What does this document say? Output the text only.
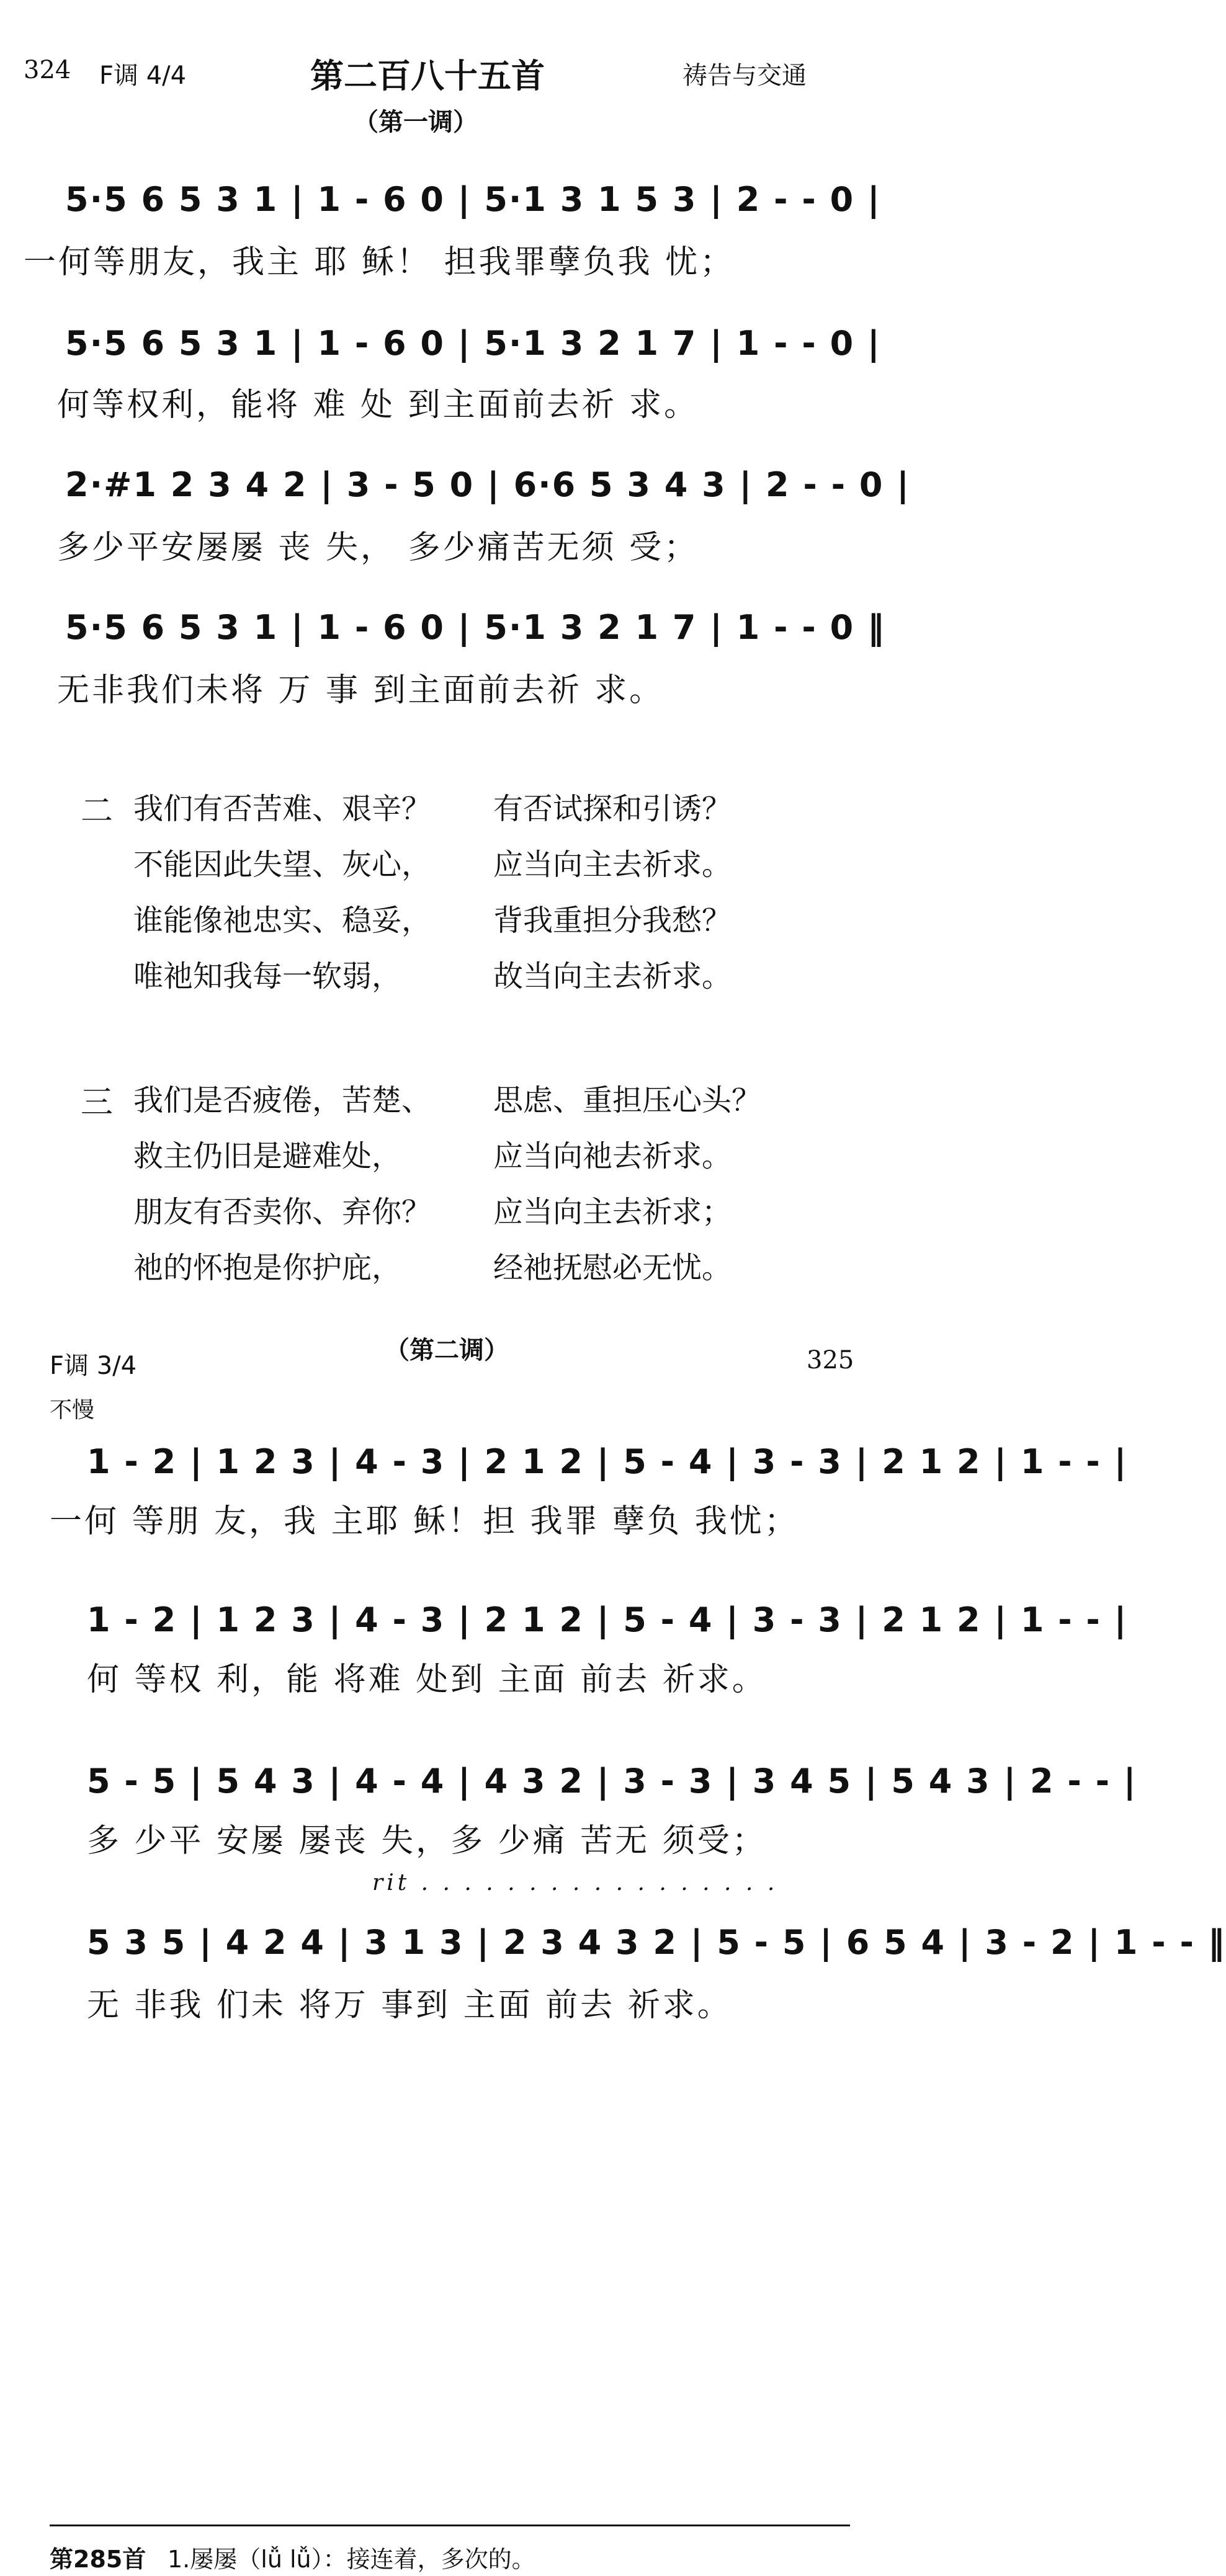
324 F调 4/4	第二百八十五首	祷告与交通
（第一调）
5·5 6 5 3 1 | 1 - 6 0 | 5·1 3 1 5 3 | 2 - - 0 |
一何等朋友，我主 耶 稣！ 担我罪孽负我 忧；
5·5 6 5 3 1 | 1 - 6 0 | 5·1 3 2 1 7 | 1 - - 0 |
何等权利，能将 难 处 到主面前去祈 求。
2·#1 2 3 4 2 | 3 - 5 0 | 6·6 5 3 4 3 | 2 - - 0 |
多少平安屡屡 丧 失， 多少痛苦无须 受；
5·5 6 5 3 1 | 1 - 6 0 | 5·1 3 2 1 7 | 1 - - 0 ‖
无非我们未将 万 事 到主面前去祈 求。
二 我们有否苦难、艰辛？ 有否试探和引诱？
不能因此失望、灰心， 应当向主去祈求。
谁能像祂忠实、稳妥， 背我重担分我愁？
唯祂知我每一软弱，	故当向主去祈求。
三 我们是否疲倦，苦楚、 思虑、重担压心头？
救主仍旧是避难处，	应当向祂去祈求。
朋友有否卖你、弃你？ 应当向主去祈求；
祂的怀抱是你护庇，	经祂抚慰必无忧。
F调 3/4
（第二调）	325
不慢
1 - 2 | 1 2 3 | 4 - 3 | 2 1 2 | 5 - 4 | 3 - 3 | 2 1 2 | 1 - - |
一何 等朋 友，我 主耶 稣！担 我罪 孽负 我忧；
1 - 2 | 1 2 3 | 4 - 3 | 2 1 2 | 5 - 4 | 3 - 3 | 2 1 2 | 1 - - |
何 等权 利，能 将难 处到 主面 前去 祈求。
5 - 5 | 5 4 3 | 4 - 4 | 4 3 2 | 3 - 3 | 3 4 5 | 5 4 3 | 2 - - |
多 少平 安屡 屡丧 失，多 少痛 苦无 须受；
rit . . . . . . . . . . . . . . . . .
5 3 5 | 4 2 4 | 3 1 3 | 2 3 4 3 2 | 5 - 5 | 6 5 4 | 3 - 2 | 1 - - ‖
无 非我 们未 将万 事到 主面 前去 祈求。
第285首 1.屡屡（lǚ lǚ）：接连着，多次的。
